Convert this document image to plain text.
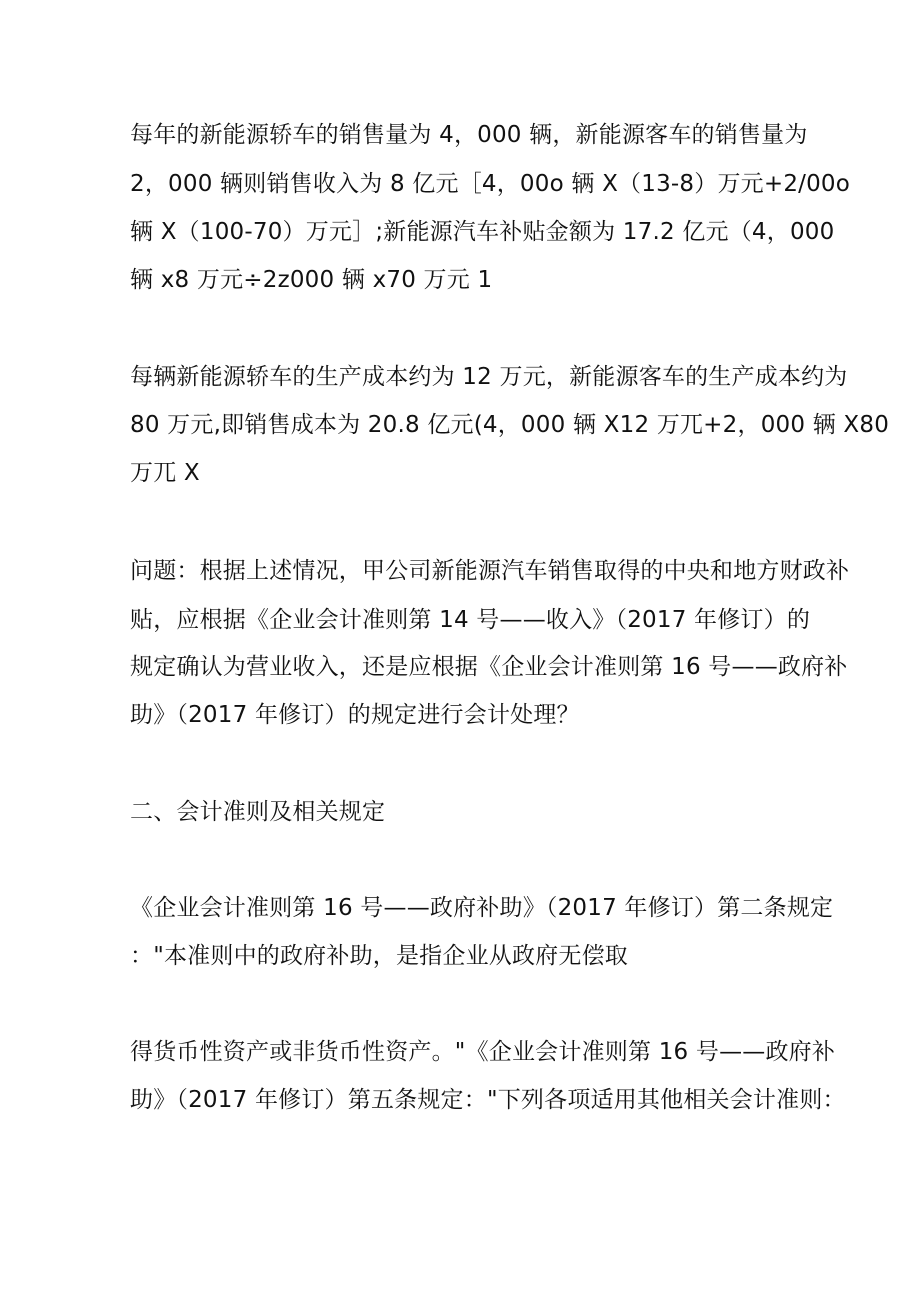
每年的新能源轿车的销售量为 4，000 辆，新能源客车的销售量为
2，000 辆则销售收入为 8 亿元［4，00o 辆 X（13-8）万元+2/00o
辆 X（100-70）万元］;新能源汽车补贴金额为 17.2 亿元（4，000
辆 x8 万元÷2z000 辆 x70 万元 1
每辆新能源轿车的生产成本约为 12 万元，新能源客车的生产成本约为
80 万元,即销售成本为 20.8 亿元(4，000 辆 X12 万兀+2，000 辆 X80
万兀 X
问题：根据上述情况，甲公司新能源汽车销售取得的中央和地方财政补
贴，应根据《企业会计准则第 14 号——收入》（2017 年修订）的
规定确认为营业收入，还是应根据《企业会计准则第 16 号——政府补
助》（2017 年修订）的规定进行会计处理？
二、会计准则及相关规定
《企业会计准则第 16 号——政府补助》（2017 年修订）第二条规定
："本准则中的政府补助，是指企业从政府无偿取
得货币性资产或非货币性资产。"《企业会计准则第 16 号——政府补
助》（2017 年修订）第五条规定："下列各项适用其他相关会计准则：
